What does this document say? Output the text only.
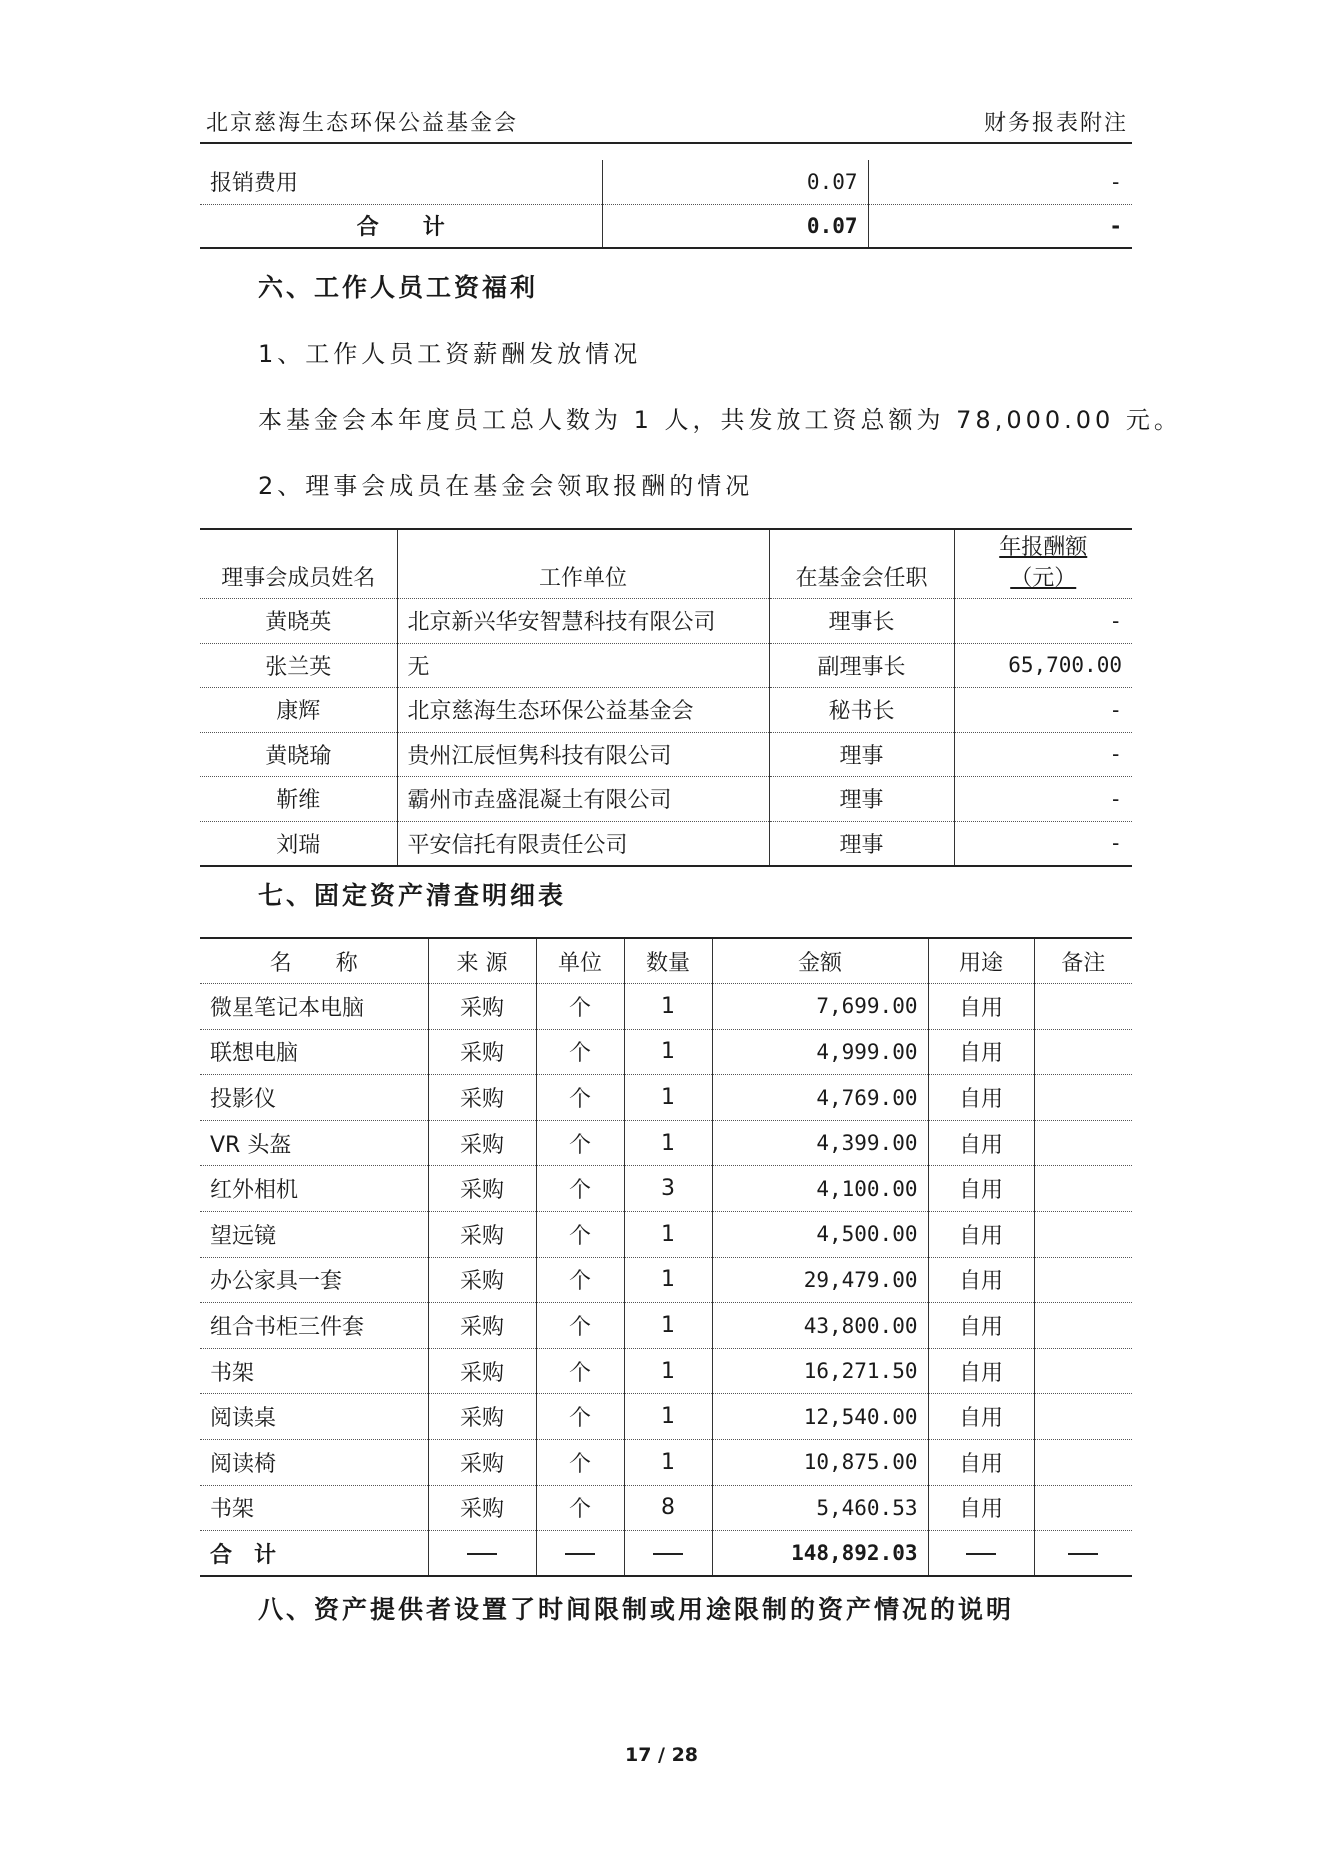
北京慈海生态环保公益基金会	财务报表附注
报销费用	0.07	-
合　　计	0.07	-
六、工作人员工资福利
1、工作人员工资薪酬发放情况
本基金会本年度员工总人数为 1 人，共发放工资总额为 78,000.00 元。
2、理事会成员在基金会领取报酬的情况
理事会成员姓名	工作单位	在基金会任职	年报酬额
（元）

黄晓英	北京新兴华安智慧科技有限公司	理事长	-
张兰英	无	副理事长	65,700.00
康辉	北京慈海生态环保公益基金会	秘书长	-
黄晓瑜	贵州江辰恒隽科技有限公司	理事	-
靳维	霸州市垚盛混凝土有限公司	理事	-
刘瑞	平安信托有限责任公司	理事	-
七、固定资产清查明细表
名　　称	来 源	单位	数量	金额	用途	备注
微星笔记本电脑	采购	个	1	7,699.00	自用	
联想电脑	采购	个	1	4,999.00	自用	
投影仪	采购	个	1	4,769.00	自用	
VR 头盔	采购	个	1	4,399.00	自用	
红外相机	采购	个	3	4,100.00	自用	
望远镜	采购	个	1	4,500.00	自用	
办公家具一套	采购	个	1	29,479.00	自用	
组合书柜三件套	采购	个	1	43,800.00	自用	
书架	采购	个	1	16,271.50	自用	
阅读桌	采购	个	1	12,540.00	自用	
阅读椅	采购	个	1	10,875.00	自用	
书架	采购	个	8	5,460.53	自用	
合　计				148,892.03		
八、资产提供者设置了时间限制或用途限制的资产情况的说明
17 / 28
